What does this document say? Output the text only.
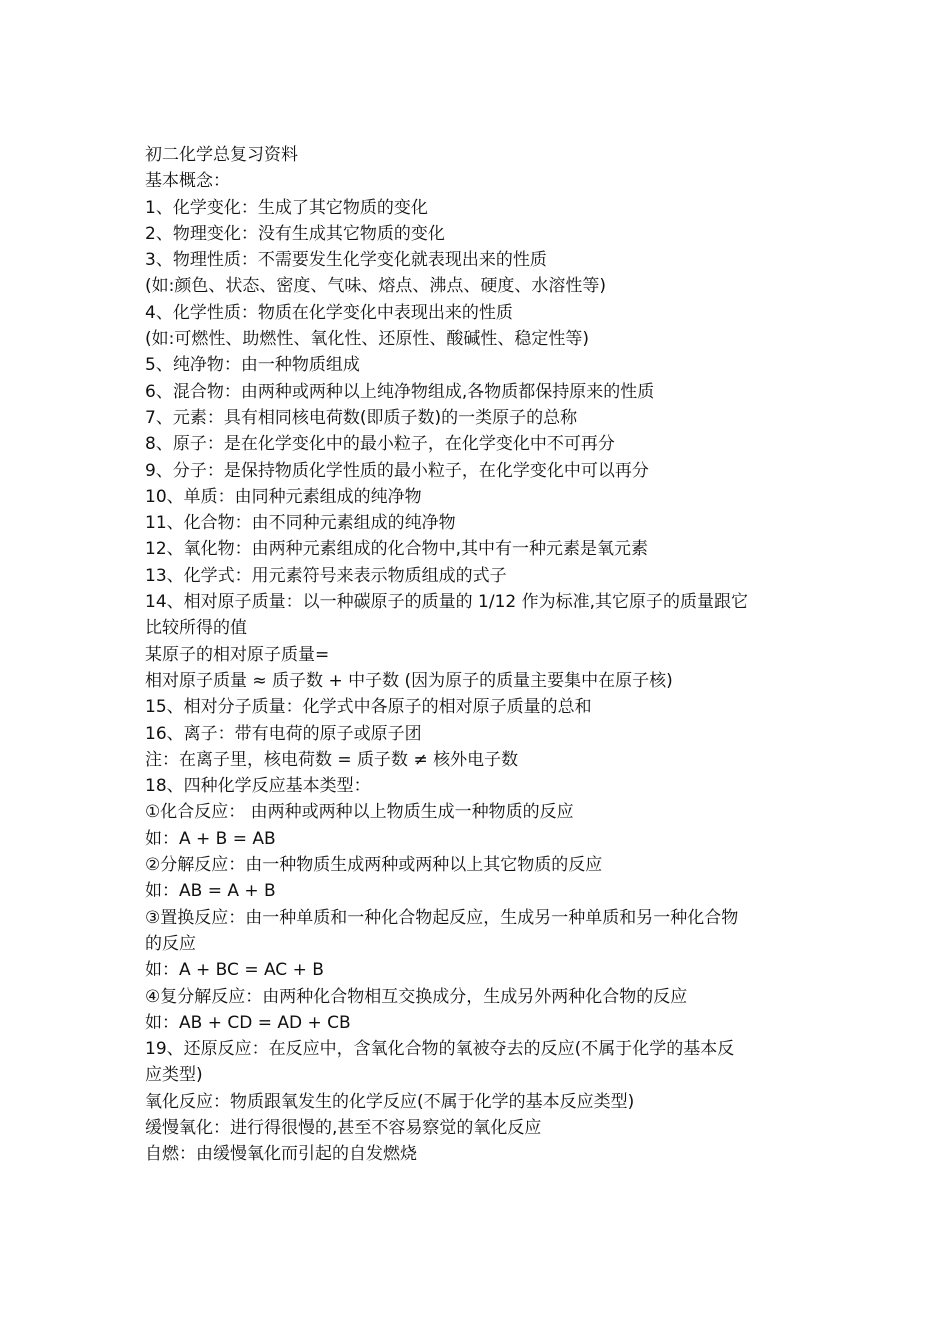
初二化学总复习资料
基本概念：
1、化学变化：生成了其它物质的变化
2、物理变化：没有生成其它物质的变化
3、物理性质：不需要发生化学变化就表现出来的性质
(如:颜色、状态、密度、气味、熔点、沸点、硬度、水溶性等)
4、化学性质：物质在化学变化中表现出来的性质
(如:可燃性、助燃性、氧化性、还原性、酸碱性、稳定性等)
5、纯净物：由一种物质组成
6、混合物：由两种或两种以上纯净物组成,各物质都保持原来的性质
7、元素：具有相同核电荷数(即质子数)的一类原子的总称
8、原子：是在化学变化中的最小粒子，在化学变化中不可再分
9、分子：是保持物质化学性质的最小粒子，在化学变化中可以再分
10、单质：由同种元素组成的纯净物
11、化合物：由不同种元素组成的纯净物
12、氧化物：由两种元素组成的化合物中,其中有一种元素是氧元素
13、化学式：用元素符号来表示物质组成的式子
14、相对原子质量：以一种碳原子的质量的 1/12 作为标准,其它原子的质量跟它
比较所得的值
某原子的相对原子质量=
相对原子质量 ≈ 质子数 + 中子数 (因为原子的质量主要集中在原子核)
15、相对分子质量：化学式中各原子的相对原子质量的总和
16、离子：带有电荷的原子或原子团
注：在离子里，核电荷数 = 质子数 ≠ 核外电子数
18、四种化学反应基本类型：
①化合反应： 由两种或两种以上物质生成一种物质的反应
如：A + B = AB
②分解反应：由一种物质生成两种或两种以上其它物质的反应
如：AB = A + B
③置换反应：由一种单质和一种化合物起反应，生成另一种单质和另一种化合物
的反应
如：A + BC = AC + B
④复分解反应：由两种化合物相互交换成分，生成另外两种化合物的反应
如：AB + CD = AD + CB
19、还原反应：在反应中，含氧化合物的氧被夺去的反应(不属于化学的基本反
应类型)
氧化反应：物质跟氧发生的化学反应(不属于化学的基本反应类型)
缓慢氧化：进行得很慢的,甚至不容易察觉的氧化反应
自燃：由缓慢氧化而引起的自发燃烧
